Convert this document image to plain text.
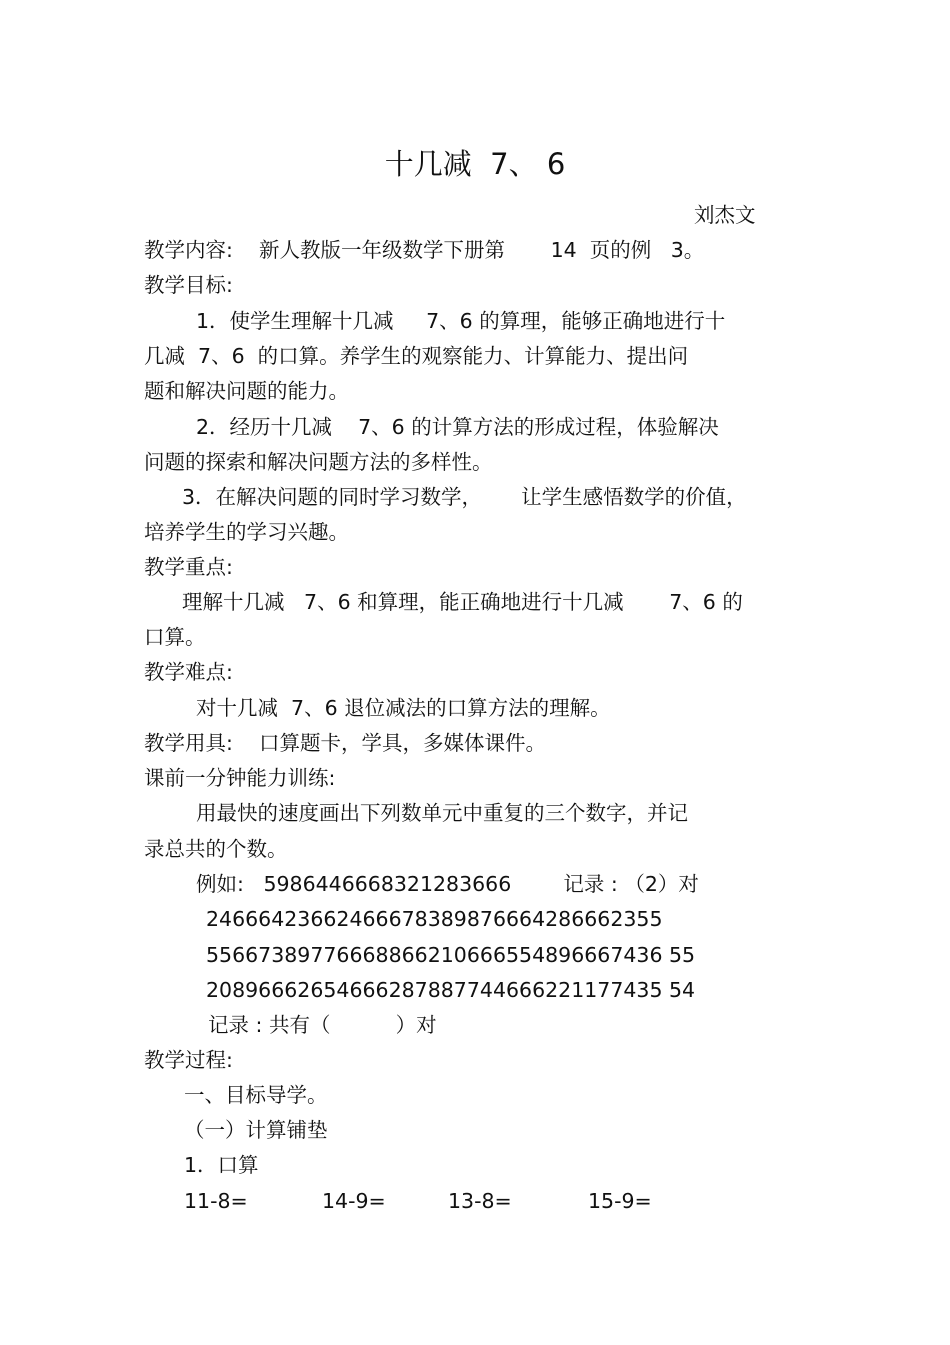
十几减  7、 6
刘杰文
教学内容:    新人教版一年级数学下册第       14  页的例   3。
教学目标:
1．使学生理解十几减     7、6 的算理，能够正确地进行十
几减  7、6  的口算。养学生的观察能力、计算能力、提出问
题和解决问题的能力。
2．经历十几减    7、6 的计算方法的形成过程，体验解决
问题的探索和解决问题方法的多样性。
3．在解决问题的同时学习数学，      让学生感悟数学的价值，
培养学生的学习兴趣。
教学重点:
理解十几减   7、6 和算理，能正确地进行十几减       7、6 的
口算。
教学难点:
对十几减  7、6 退位减法的口算方法的理解。
教学用具:    口算题卡，学具，多媒体课件。
课前一分钟能力训练:
用最快的速度画出下列数单元中重复的三个数字，并记
录总共的个数。
例如:   5986446668321283666        记录 : （2）对
24666423662466678389876664286662355
55667389776668866210666554896667436 55
20896662654666287887744666221177435 54
记录 : 共有（          ）对
教学过程:
一、目标导学。
（一）计算铺垫
1．口算
11-8=	14-9=	13-8=	15-9=
